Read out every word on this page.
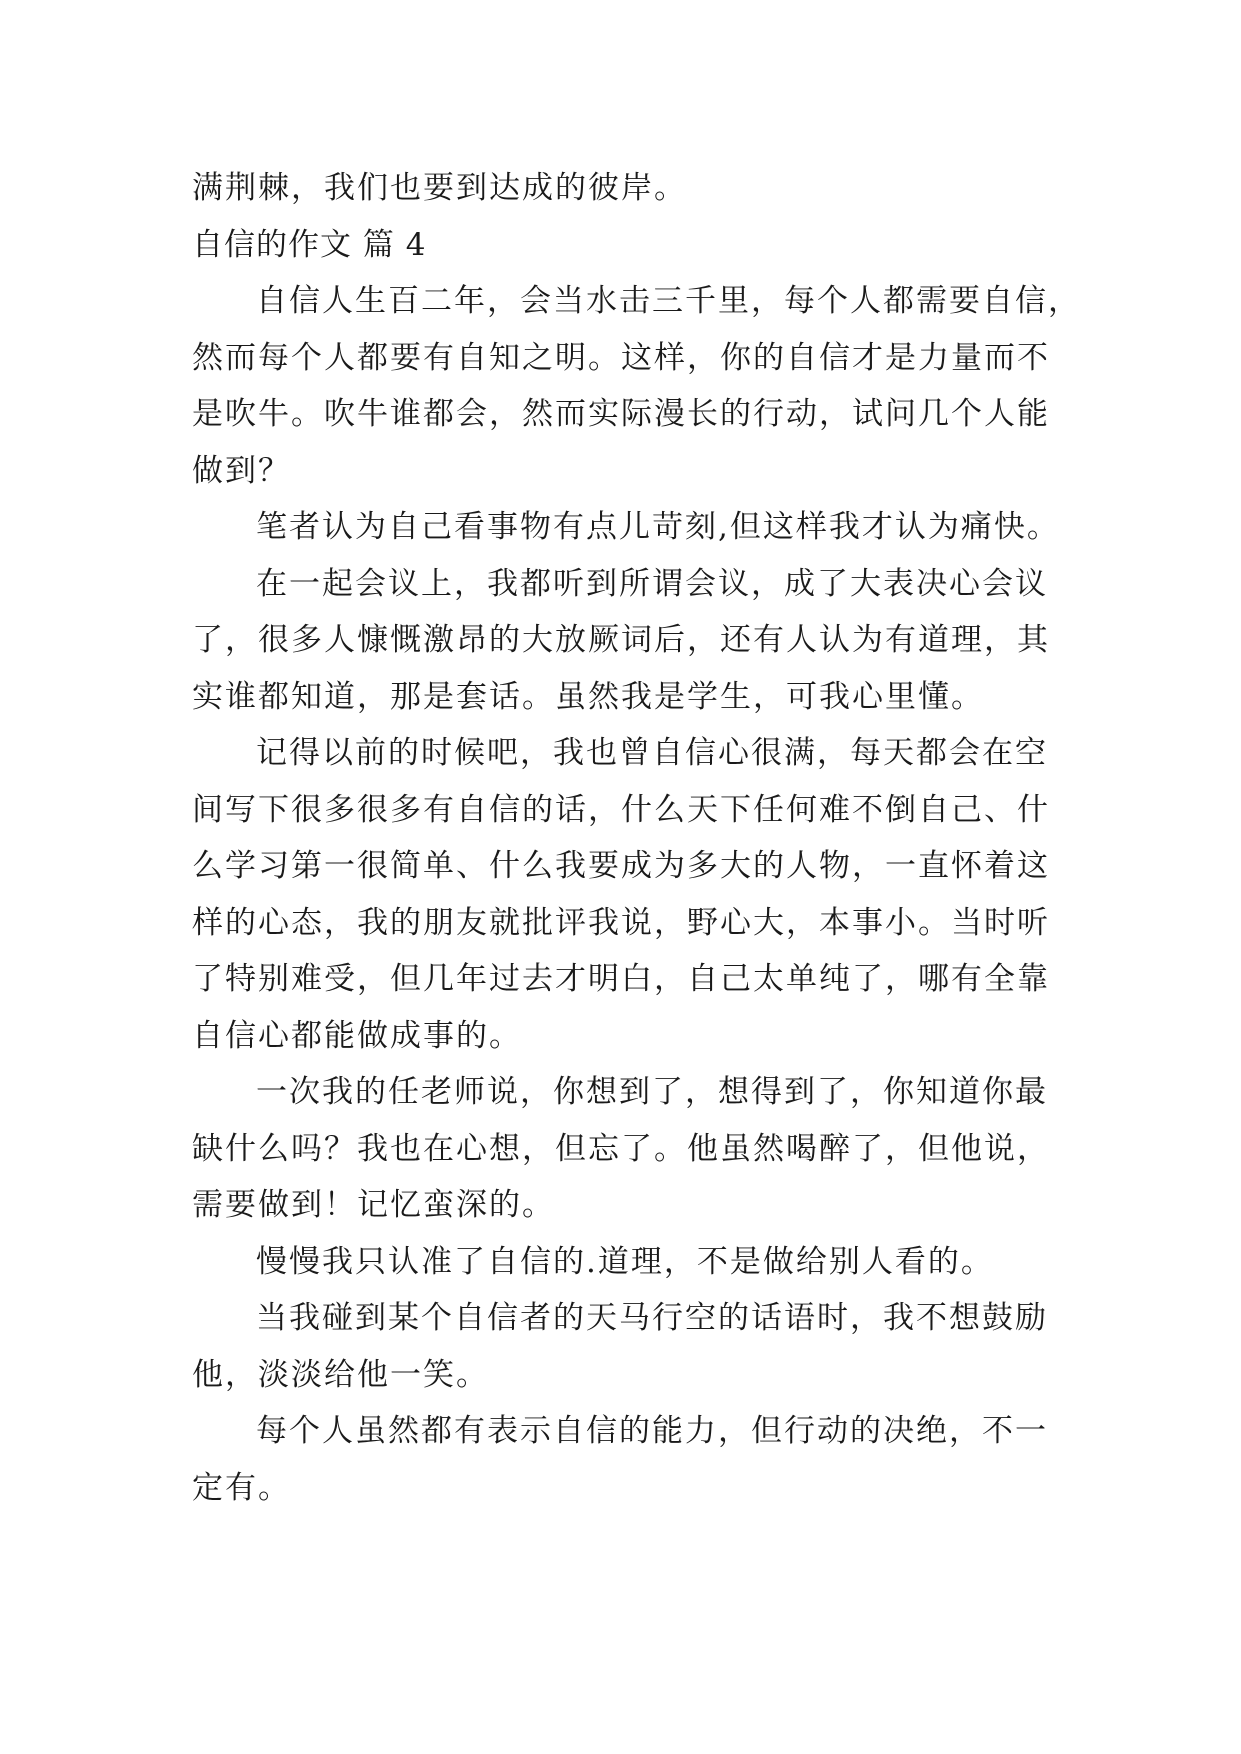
满荆棘，我们也要到达成的彼岸。
自信的作文 篇 4
自信人生百二年，会当水击三千里，每个人都需要自信，
然而每个人都要有自知之明。这样，你的自信才是力量而不
是吹牛。吹牛谁都会，然而实际漫长的行动，试问几个人能
做到？
笔者认为自己看事物有点儿苛刻,但这样我才认为痛快。
在一起会议上，我都听到所谓会议，成了大表决心会议
了，很多人慷慨激昂的大放厥词后，还有人认为有道理，其
实谁都知道，那是套话。虽然我是学生，可我心里懂。
记得以前的时候吧，我也曾自信心很满，每天都会在空
间写下很多很多有自信的话，什么天下任何难不倒自己、什
么学习第一很简单、什么我要成为多大的人物，一直怀着这
样的心态，我的朋友就批评我说，野心大，本事小。当时听
了特别难受，但几年过去才明白，自己太单纯了，哪有全靠
自信心都能做成事的。
一次我的任老师说，你想到了，想得到了，你知道你最
缺什么吗？我也在心想，但忘了。他虽然喝醉了，但他说，
需要做到！记忆蛮深的。
慢慢我只认准了自信的.道理，不是做给别人看的。
当我碰到某个自信者的天马行空的话语时，我不想鼓励
他，淡淡给他一笑。
每个人虽然都有表示自信的能力，但行动的决绝，不一
定有。
